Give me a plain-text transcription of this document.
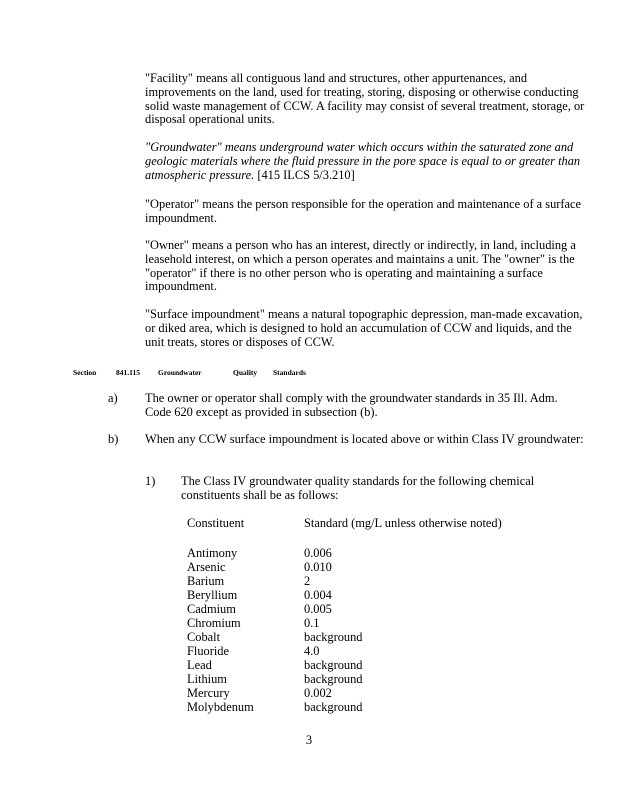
"Facility" means all contiguous land and structures, other appurtenances, and improvements on the land, used for treating, storing, disposing or otherwise conducting solid waste management of CCW. A facility may consist of several treatment, storage, or disposal operational units.

"Groundwater" means underground water which occurs within the saturated zone and geologic materials where the fluid pressure in the pore space is equal to or greater than atmospheric pressure. [415 ILCS 5/3.210]

"Operator" means the person responsible for the operation and maintenance of a surface impoundment.

"Owner" means a person who has an interest, directly or indirectly, in land, including a leasehold interest, on which a person operates and maintains a unit. The "owner" is the "operator" if there is no other person who is operating and maintaining a surface impoundment.

"Surface impoundment" means a natural topographic depression, man-made excavation, or diked area, which is designed to hold an accumulation of CCW and liquids, and the unit treats, stores or disposes of CCW.

Section	841.115 Groundwater	Quality Standards
a) The owner or operator shall comply with the groundwater standards in 35 Ill. Adm. Code 620 except as provided in subsection (b).
b) When any CCW surface impoundment is located above or within Class IV groundwater:
1) The Class IV groundwater quality standards for the following chemical constituents shall be as follows:
Constituent	Standard (mg/L unless otherwise noted)
Antimony	0.006
Arsenic	0.010
Barium	2
Beryllium	0.004
Cadmium	0.005
Chromium	0.1
Cobalt	background
Fluoride	4.0
Lead	background
Lithium	background
Mercury	0.002
Molybdenum	background
3
